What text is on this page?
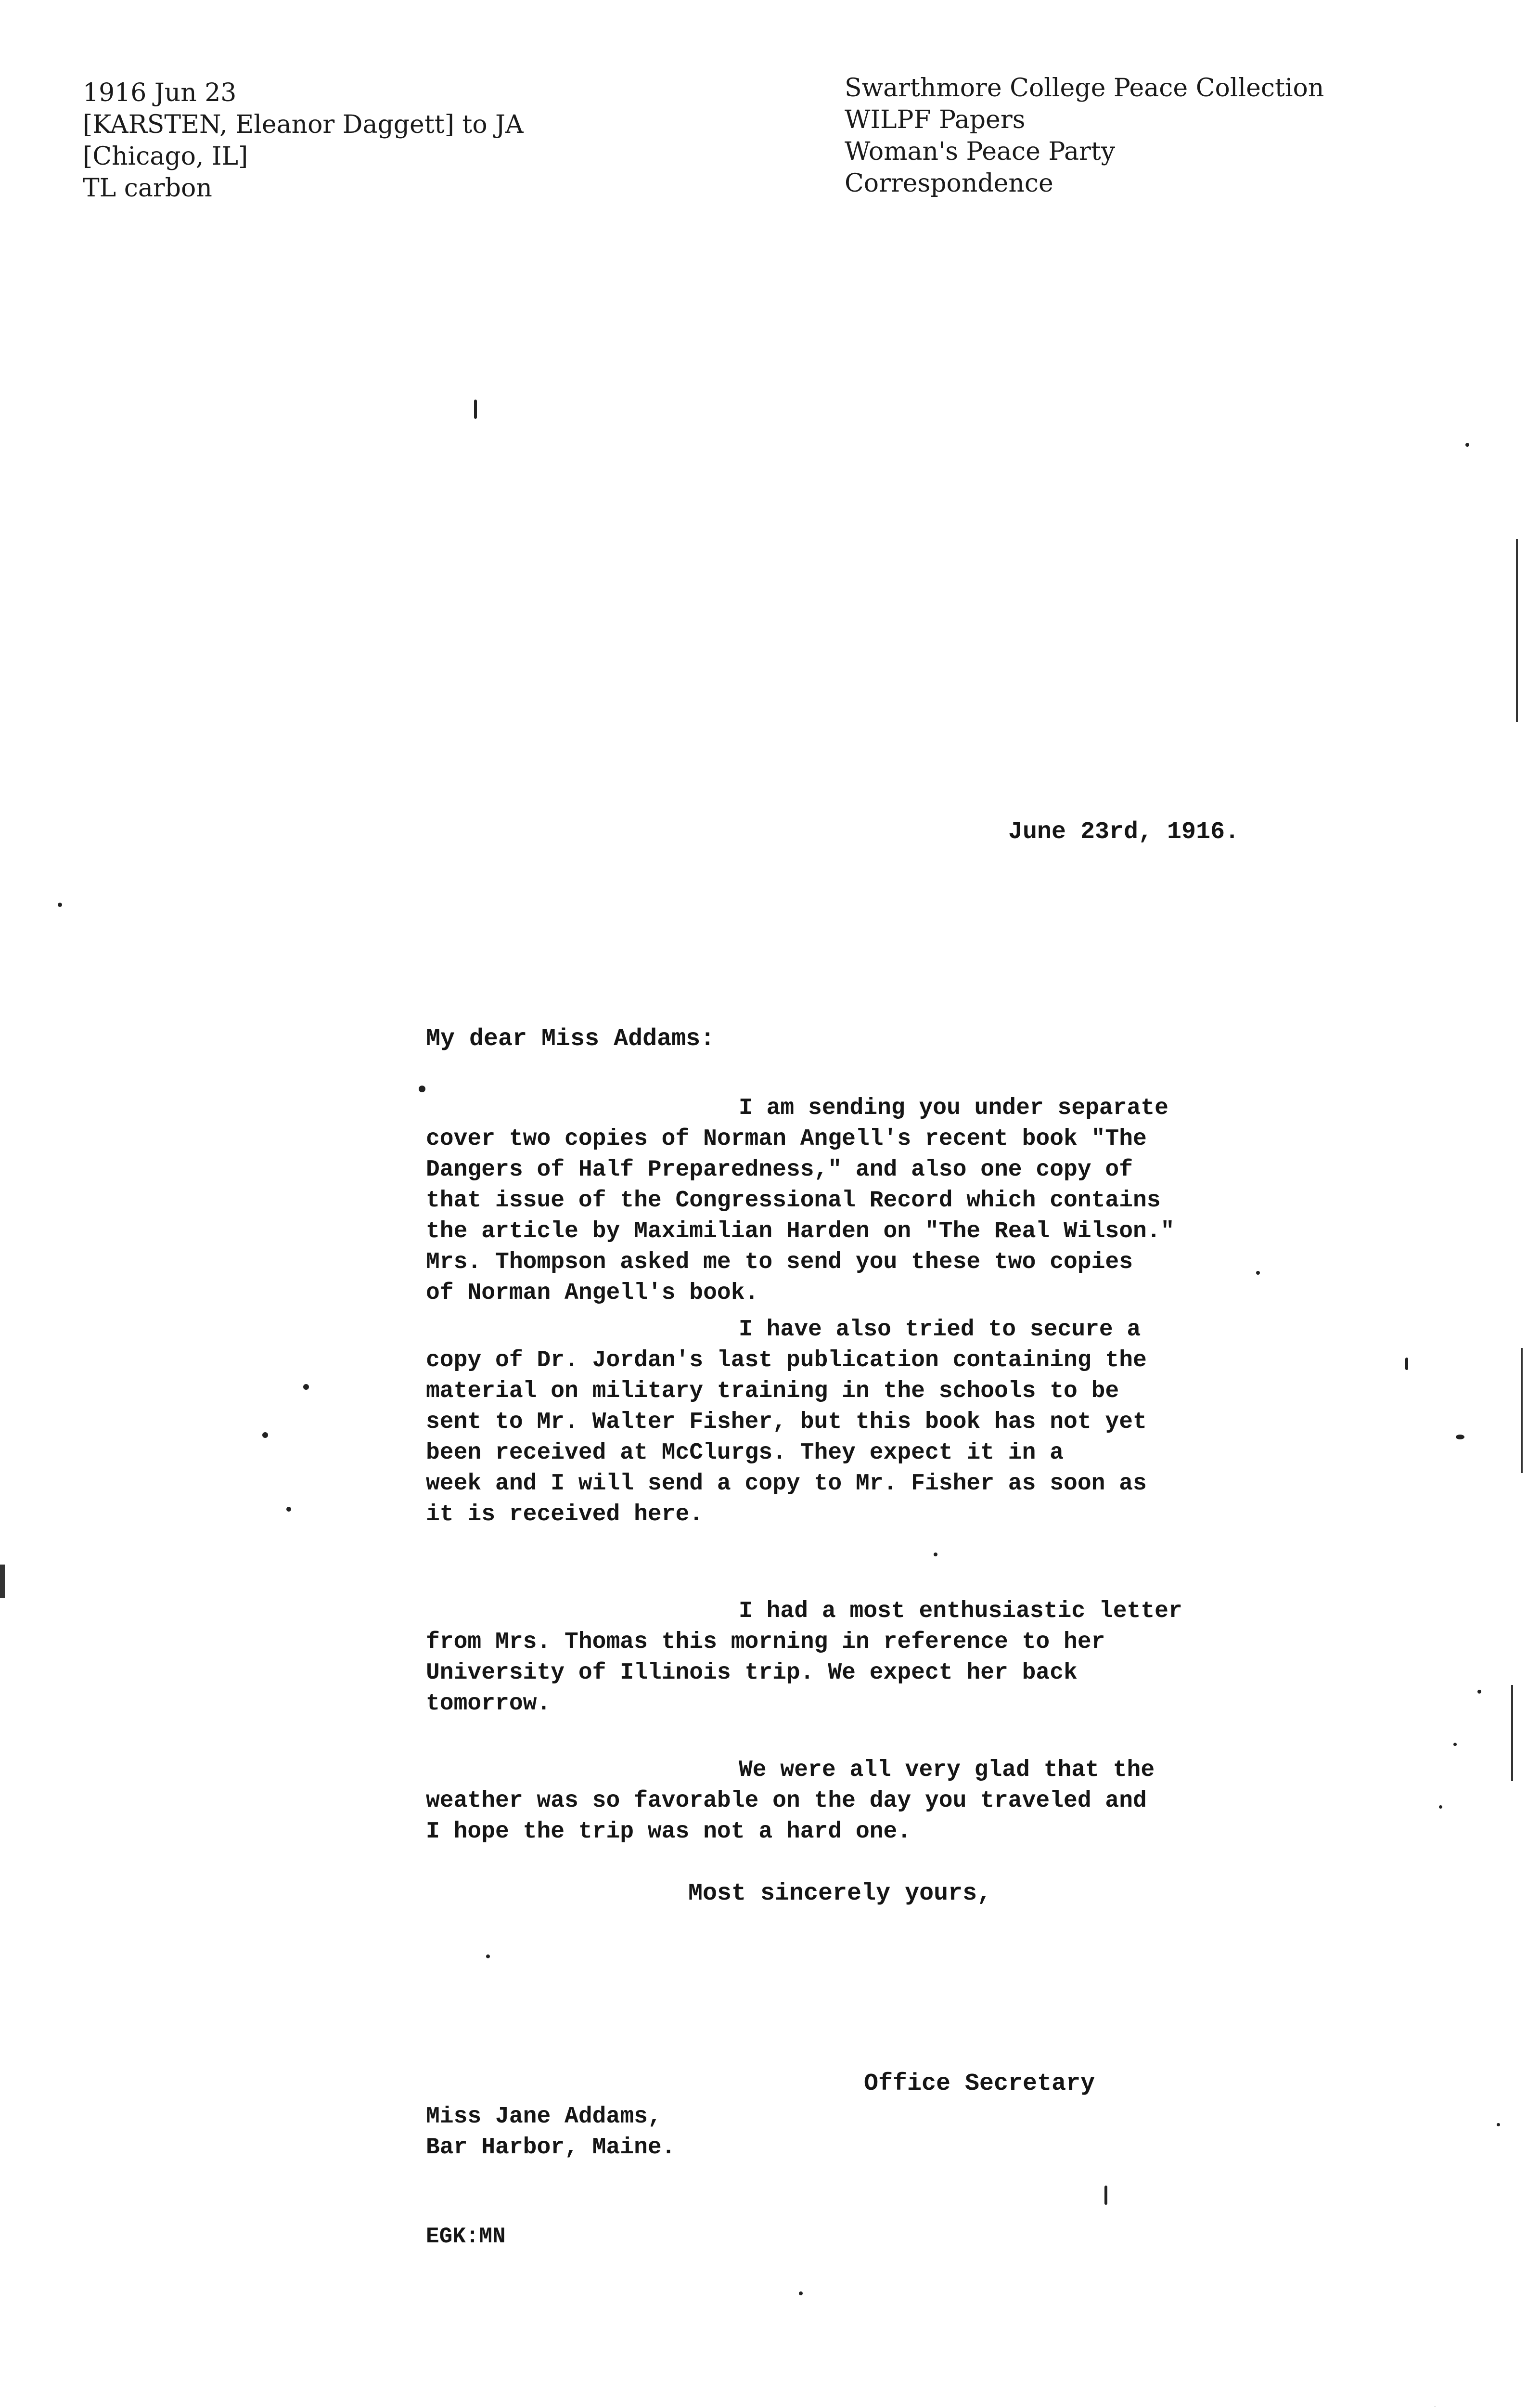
1916 Jun 23
[KARSTEN, Eleanor Daggett] to JA
[Chicago, IL]
TL carbon
Swarthmore College Peace Collection
WILPF Papers
Woman's Peace Party
Correspondence
June 23rd, 1916.
My dear Miss Addams:
I am sending you under separate
cover two copies of Norman Angell's recent book "The
Dangers of Half Preparedness," and also one copy of
that issue of the Congressional Record which contains
the article by Maximilian Harden on "The Real Wilson."
Mrs. Thompson asked me to send you these two copies
of Norman Angell's book.
I have also tried to secure a
copy of Dr. Jordan's last publication containing the
material on military training in the schools to be
sent to Mr. Walter Fisher, but this book has not yet
been received at McClurgs. They expect it in a
week and I will send a copy to Mr. Fisher as soon as
it is received here.
I had a most enthusiastic letter
from Mrs. Thomas this morning in reference to her
University of Illinois trip. We expect her back
tomorrow.
We were all very glad that the
weather was so favorable on the day you traveled and
I hope the trip was not a hard one.
Most sincerely yours,
Office Secretary
Miss Jane Addams,
Bar Harbor, Maine.
EGK:MN
